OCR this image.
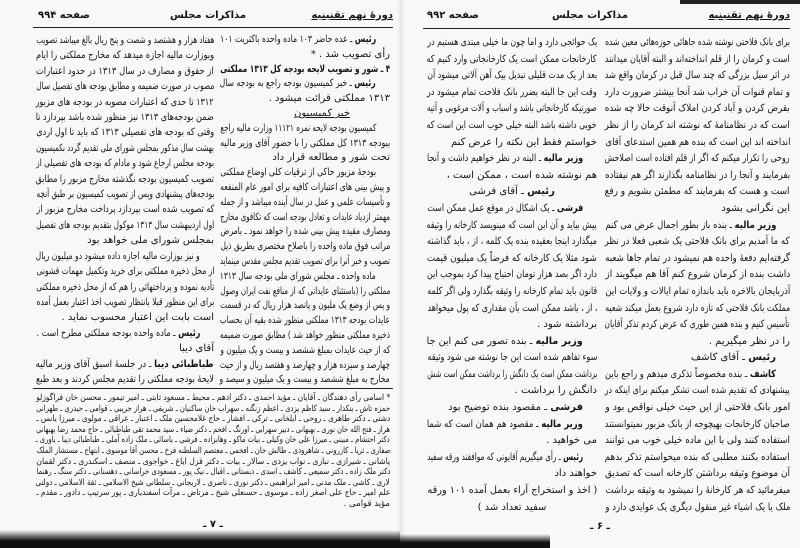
دورهٔ نهم تقنینیه
مذاکرات مجلس
صفحه ۹۹۴
رئیس ـ عده حاضر ۱۰۳ ماده واحده باکثریت ۱۰۱
رأی تصویب شد . *
۴ ـ شور و تصویب لایحه بودجه کل ۱۳۱۳ مملکتی
رئیس ـ خبر کمیسیون بودجه راجع به بودجه سال
۱۳۱۳ مملکتی قرائت میشود .
خبر کمیسیون
کمیسیون بودجه لایحه نمره ۱۱۱۲۱ وزارت مالیه راجع
ببودجه ۱۳۱۳ کل مملکتی را با حضور آقای وزیر مالیه
تحت شور و مطالعه قرار داد
بودجهٔ مزبور حاکی از ترقیات کلی اوضاع مملکتی
و پیش بینی های اعتبارات کافیه برای امور عام المنفعه
و تأسیسات علمی و عمل در سال آینده میباشد و از جمله
مهمتر ازدیاد عایدات و تعادل بودجه است که تکافوی مخارج
ومصارف مقیده پیش بینی شده را خواهد نمود ـ بامرض
مراتب فوق ماده واحده را باصلاح مختصری بطریق ذیل
تصویب و خبر آنرا برای تصویب تقدیم مجلس مقدس مینماید
ماده واحده ـ مجلس شورای ملی بودجه سال ۱۳۱۳
مملکتی را (باستثنای عایداتی که از منافع نفت ایران وصول
و پس از وضع یک ملیون و پانصد هزار ریال که در قسمت
عایدات بودجه ۱۳۱۳ مملکتی منظور شده بقیه آن بحساب
ذخیره مملکتی منظور خواهد شد ) مطابق صورت ضمیمه
که از حیث عایدات بمبلغ ششصد و بیست و یک میلیون و
چهارصد و سیزده هزار و چهارصد و هفتصد ریال و از حیث
مخارج به مبلغ ششصد و بیست و یک میلیون و سیصد و
هفتاد هزار و هشتصد و شصت و پنج ریال بالغ میباشد تصویب
وبوزارت مالیه اجازه میدهد که مخارج مملکتی را ایام
از حقوق و مصارف در سال ۱۳۱۳ در حدود اعتبارات
مصوب در صورت ضمیمه و مطابق بودجه های تفصیل سال
۱۳۱۲ تا حدی که اعتبارات مصوبه در بودجه های مزبور
ضمن بودجه‌های ۱۳۱۳ نیز منظور شده باشد بپردازد تا
وقتی که بودجه های تفصیلی ۱۳۱۳ که باید تا اول اردی
بهشت سال مذکور بمجلس شورای ملی تقدیم گردد بکمیسیون
بودجه مجلس ارجاع شود و مادام که بودجه های تفصیلی از
تصویب کمیسیون بودجه نگذشته مخارج مزبور را مطابق
بودجه‌های پیشنهادی وپس از تصویب کمیسیون بر طبق آنچه
که تصویب شده است بپردازد پرداخت مخارج مزبور از
اول اردیبهشت سال ۱۳۱۳ موکول بتقدیم بودجه های تفصیل
بمجلس شورای ملی خواهد بود
و نیز بوزارت مالیه اجازه داده میشود دو میلیون ریال
از محل ذخیره مملکتی برای خرید وتکمیل مهمات قشونی
تأدیه نموده و پرداختهائی را هم که از محل ذخیره مملکتی
برای این منظور قبلا بانتظار تصویب اخذ اعتبار بعمل آمده
است بابت این اعتبار محسوب نماید .
رئیس ـ ماده واحده بودجه مملکتی مطرح است .
آقای دیبا
طباطبائی دیبا ـ در جلسهٔ اسبق آقای وزیر مالیه
لایحهٔ بودجه مملکتی را تقدیم مجلس کردند و بعد طبع
* اسامی رأی دهندگان ـ آقایان ـ مؤید احمدی ـ دکتر ادهم ـ محیط ـ مسعود ثابتی ـ امیر تیمور ـ محسن خان قراگوزلو
حمزه تاش ـ بنکدار ـ سید کاظم یزدی ـ اعظم زنگنه ـ سهراب خان ساکنیان ـ شریفی ـ هراز جریبی ـ قوامی ـ حیدری ـ طهرانی
دشتی ـ دکتر طاهری ـ روحی ـ ایلخانی ـ ترکی ـ افشار ـ حاج غلامحسین ملک ـ اعتبار ـ عراقی ـ مولوی ـ میرزا یانس ـ
هراز ـ فتح الله خان نوری ـ بهبهانی ـ دبیر سهرابی ـ اورنگ ـ افخم ـ دکتر ضیاء ـ سید محمد تقی طباطبائی ـ حاج محمد رضا بهبهانی
دکتر احتشام ـ مبینی ـ میرزا علی خان وکیلی ـ بیات ماکو ـ وهابزاده ـ فرشی ـ یاسائی ـ ملک زاده آملی ـ طباطبائی دیبا ـ یاوری ـ
صفاری ـ ثریا ـ کازرونی ـ شاهرودی ـ طالش خان ـ افخمی ـ معتصم السلطنه فرخ ـ محسن آقا موسوی ـ ابتهاج ـ مستشار الملک
پاشانی ـ شیرازی ـ نبازی ـ نواب یزدی ـ سالار ـ بیات ـ دکتر قزل ایاغ ـ خواجوی ـ منصف ـ اسکندری ـ دکتر لقمان
دکتر ملک زاده ـ دکتر سمیعی ـ کاشف ـ اسدی ـ دبستانی ـ اقبال ـ نیک پور ـ مسعودی خراسانی ـ دهستانی ـ دکتر سنگ ـ رهنما
لاری ـ کاشی ـ ملک مدنی ـ امیر ابراهیمی ـ دکتر نوری ـ ناصری ـ لاریجانی ـ سلطانی شیخ الاسلامی ـ ثقة الاسلامی ـ دولتی
علم امیر ـ حاج علی اصغر زاده ـ موسوی ـ حسنعلی شیخ ـ مرتاض ـ مرآت اسفندیاری ـ پور سرتیپ ـ دادور ـ مقدم ـ
مؤید قوامی .
ـ ۷ ـ
دورهٔ نهم تقنینیه
مذاکرات مجلس
صفحه ۹۹۲
برای بانک فلاحتی نوشته شده جاهائی حوزه‌هائی معین شده
است و کرمان را از قلم انداخته‌اند و البته آقایان میدانند
در اثر سیل بزرگی که چند سال قبل در کرمان واقع شد
و تمام قنوات آن خراب شد آنجا بیشتر ضرورت دارد
بقرض کردن و آباد کردن املاک آنوقت حالا چه شده
است که در نظامنامهٔ که نوشته اند کرمان را از نظر
انداخته اند این است که بنده هم همین استدعای آقای
روحی را تکرار میکنم که اگر از قلم افتاده است اصلاحش
بفرمایند و آنجا را در نظامنامه بگذارند اگر هم نیفتاده
است و هست که بفرمایند که مطمئن بشویم و رفع
این نگرانی بشود
وزیر مالیه ـ بنده باز بطور اجمال عرض می کنم
که ما آمدیم برای بانک فلاحتی یک شعبی فعلا در نظر
گرفته‌ایم دفعهٔ واحده هم نمیشود در تمام جاها شعبه
داشت بنده از کرمان شروع کنم آقا هم میگویند از
آذربایجان بالاخره باید باندازه تمام ایالات و ولایات این
مملکت بانک فلاحتی که تازه دارد شروع بعمل میکند شعبه
تأسیس کنیم و بنده همین طوری که عرض کردم تذکر آقایان
را در نظر میگیریم .
رئیس ـ آقای کاشف
کاشف ـ بنده مخصوصاً تذکری میدهم و راجع باین
پیشنهادی که تقدیم شده است تشکر میکنم برای اینکه در
امور بانک فلاحتی از این حیث خیلی نواقص بود و
صاحبان کارخانجات بهیچوجه از بانک مزبور نمیتوانستند
استفاده کنند ولی با این ماده خیلی خوب می توانند
استفاده بکنند مطلبی که بنده میخواستم تذکر بدهم
آن موضوع وثیقه برداشتن کارخانه است که تصدیق
میفرمائید که هر کارخانهٔ را نمیشود به وثیقه برداشت
ملک یا یک اشیاء غیر منقول دیگری یک عوایدی دارد و
یک حوائجی دارد و اما چون ما خیلی مبتدی هستیم در
کارخانجات ممکن است یک کارخانجاتی وارد کنیم که
بعد از یک مدت قلیلی تبدیل بیک آهن آلاتی میشود آن
وقت این جا البته بضرر بانک فلاحت تمام میشود در
صورتیکه کارخانجاتی باشد و اسباب و آلات مرغوبی و آتیه
خوبی داشته باشد البته خیلی خوب است این است که
خواستم فقط این نکته را عرض کنم
وزیر مالیه ـ البته در نظر خواهیم داشت و آنجا
هم نوشته شده است ، ممکن است ،
رئیس ـ آقای فرشی
فرشی ـ یک اشکال در موقع عمل ممکن است
پیش بیاید و آن این است که مینویسد کارخانه را وثیقه
میگذارد اینجا بعقیده بنده یک کلمه ، از ، باید گذاشته
شود مثلا یک کارخانه که فرضاً یک میلیون قیمت
دارد اگر بصد هزار تومان احتیاج پیدا کرد بموجب این
قانون باید تمام کارخانه را وثیقه بگذارد ولی اگر کلمه
، از ، باشد ممکن است بآن مقداری که پول میخواهد
برداشته شود .
وزیر مالیه ـ بنده تصور می کنم این جا
سوء تفاهم شده است این جا نوشته می شود وثیقه
برداشت ممکن است یک دانگش را برداشت ممکن است شش
دانگش را برداشت .
فرشی ـ مقصود بنده توضیح بود
وزیر مالیه ـ مقصود هم همان است که شما
می خواهید .
رئیس ـ رأی میگیریم آقایونی که موافقند ورقه سفید
خواهند داد
( اخذ و استخراج آراء بعمل آمده ۱۰۱ ورقه
سفید تعداد شد )
ـ ۶ ـ
